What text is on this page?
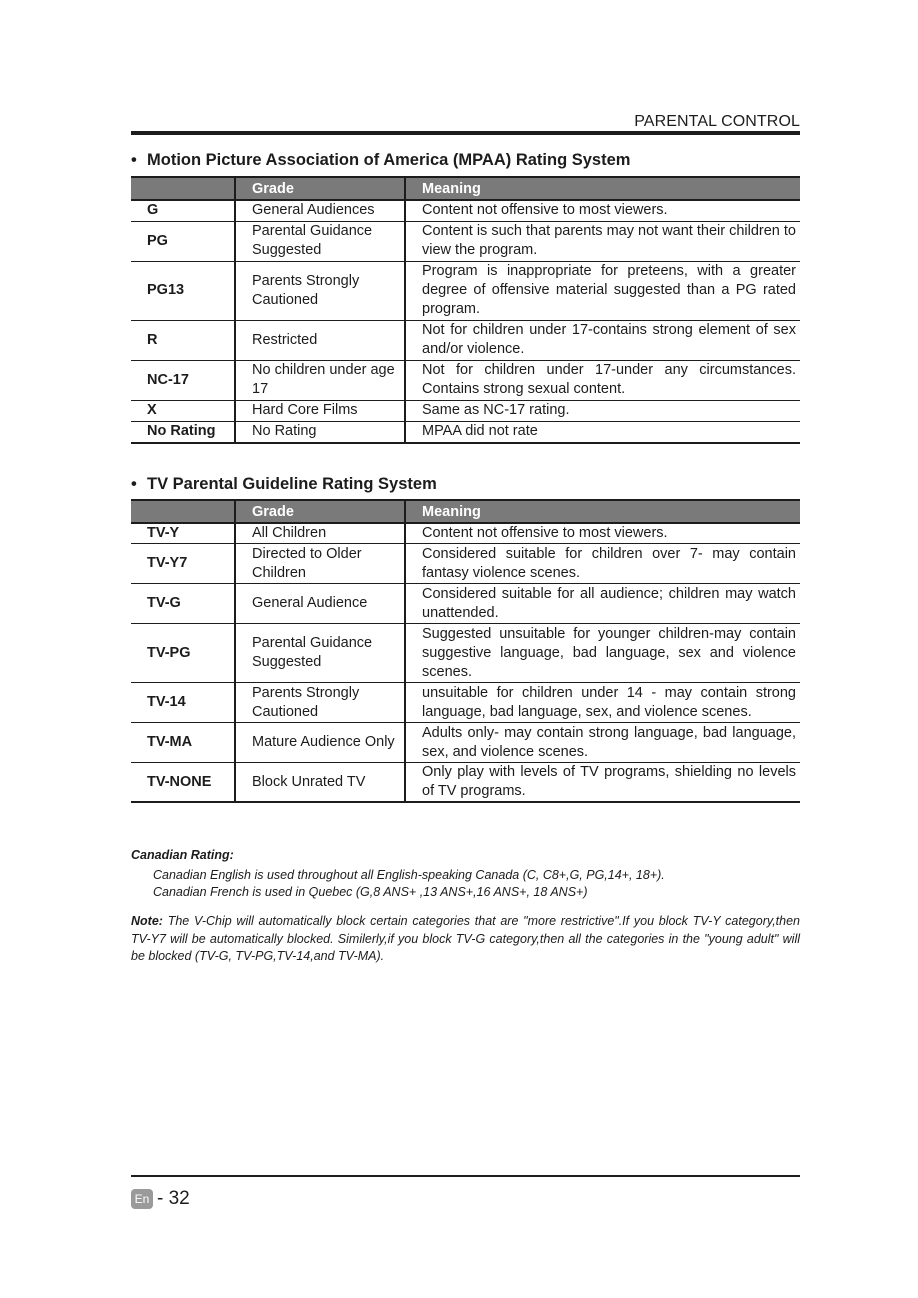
PARENTAL CONTROL
• Motion Picture Association of America (MPAA) Rating System
	Grade	Meaning
G	General Audiences	Content not offensive to most viewers.
PG	Parental Guidance Suggested	Content is such that parents may not want their children to view the program.
PG13	Parents Strongly Cautioned	Program is inappropriate for preteens, with a greater degree of offensive material suggested than a PG rated program.
R	Restricted	Not for children under 17-contains strong element of sex and/or violence.
NC-17	No children under age 17	Not for children under 17-under any circumstances. Contains strong sexual content.
X	Hard Core Films	Same as NC-17 rating.
No Rating	No Rating	MPAA did not rate
• TV Parental Guideline Rating System
	Grade	Meaning
TV-Y	All Children	Content not offensive to most viewers.
TV-Y7	Directed to Older Children	Considered suitable for children over 7- may contain fantasy violence scenes.
TV-G	General Audience	Considered suitable for all audience; children may watch unattended.
TV-PG	Parental Guidance Suggested	Suggested unsuitable for younger children-may contain suggestive language, bad language, sex and violence scenes.
TV-14	Parents Strongly Cautioned	unsuitable for children under 14 - may contain strong language, bad language, sex, and violence scenes.
TV-MA	Mature Audience Only	Adults only- may contain strong language, bad language, sex, and violence scenes.
TV-NONE	Block Unrated TV	Only play with levels of TV programs, shielding no levels of TV programs.
Canadian Rating:
Canadian English is used throughout all English-speaking Canada (C, C8+,G, PG,14+, 18+).
Canadian French is used in Quebec (G,8 ANS+ ,13 ANS+,16 ANS+, 18 ANS+)
Note: The V-Chip will automatically block certain categories that are "more restrictive".If you block TV-Y category,then TV-Y7 will be automatically blocked. Similerly,if you block TV-G category,then all the categories in the "young adult" will be blocked (TV-G, TV-PG,TV-14,and TV-MA).
En - 32
